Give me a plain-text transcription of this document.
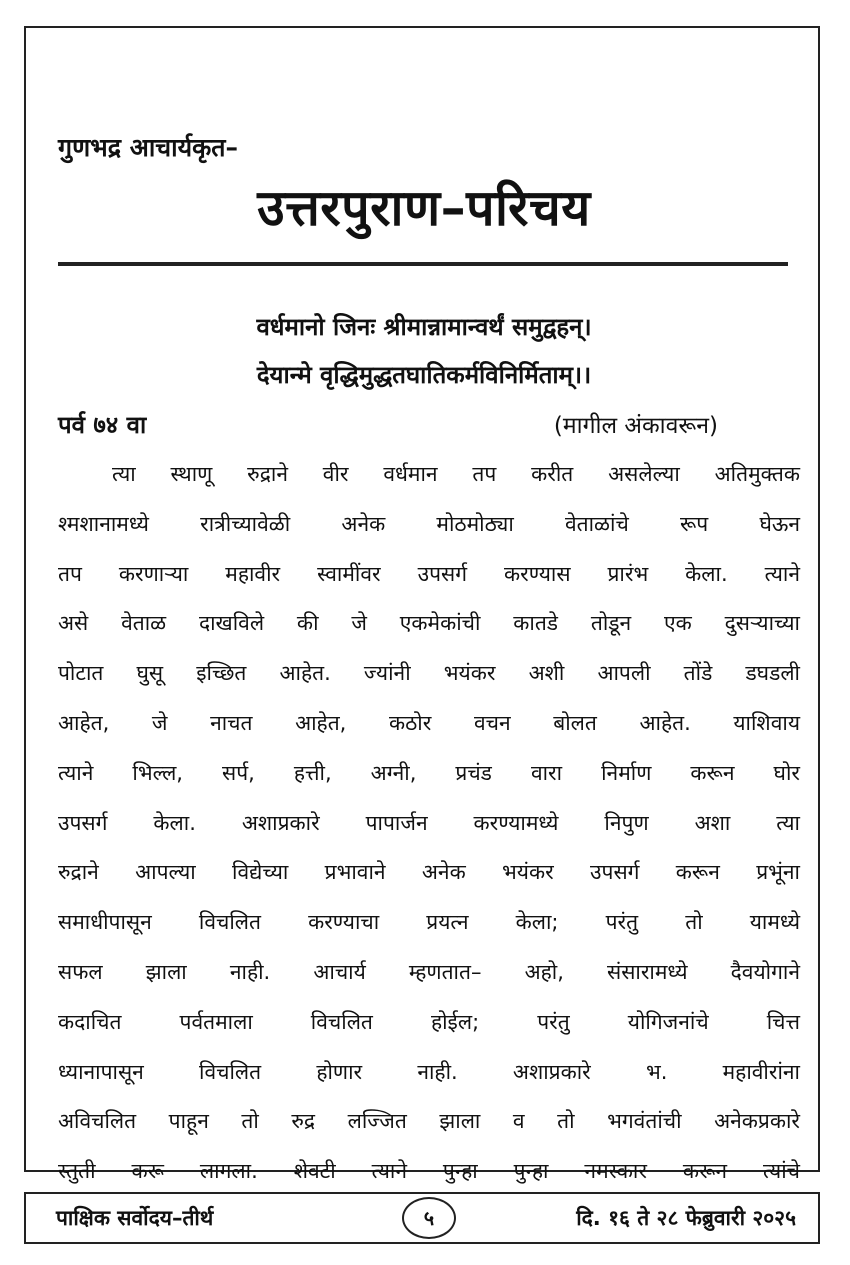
गुणभद्र आचार्यकृत–
उत्तरपुराण–परिचय
वर्धमानो जिनः श्रीमान्नामान्वर्थं समुद्वहन्।
देयान्मे वृद्धिमुद्धतघातिकर्मविनिर्मिताम्।।
पर्व ७४ वा	(मागील अंकावरून)
त्या स्थाणू रुद्राने वीर वर्धमान तप करीत असलेल्या अतिमुक्तक
श्मशानामध्ये रात्रीच्यावेळी अनेक मोठमोठ्या वेताळांचे रूप घेऊन
तप करणाऱ्या महावीर स्वामींवर उपसर्ग करण्यास प्रारंभ केला. त्याने
असे वेताळ दाखविले की जे एकमेकांची कातडे तोडून एक दुसऱ्याच्या
पोटात घुसू इच्छित आहेत. ज्यांनी भयंकर अशी आपली तोंडे डघडली
आहेत, जे नाचत आहेत, कठोर वचन बोलत आहेत. याशिवाय
त्याने भिल्ल, सर्प, हत्ती, अग्नी, प्रचंड वारा निर्माण करून घोर
उपसर्ग केला. अशाप्रकारे पापार्जन करण्यामध्ये निपुण अशा त्या
रुद्राने आपल्या विद्येच्या प्रभावाने अनेक भयंकर उपसर्ग करून प्रभूंना
समाधीपासून विचलित करण्याचा प्रयत्न केला; परंतु तो यामध्ये
सफल झाला नाही. आचार्य म्हणतात– अहो, संसारामध्ये दैवयोगाने
कदाचित पर्वतमाला विचलित होईल; परंतु योगिजनांचे चित्त
ध्यानापासून विचलित होणार नाही. अशाप्रकारे भ. महावीरांना
अविचलित पाहून तो रुद्र लज्जित झाला व तो भगवंतांची अनेकप्रकारे
स्तुती करू लागला. शेवटी त्याने पुन्हा पुन्हा नमस्कार करून त्यांचे
पाक्षिक सर्वोदय–तीर्थ	५	दि. १६ ते २८ फेब्रुवारी २०२५
